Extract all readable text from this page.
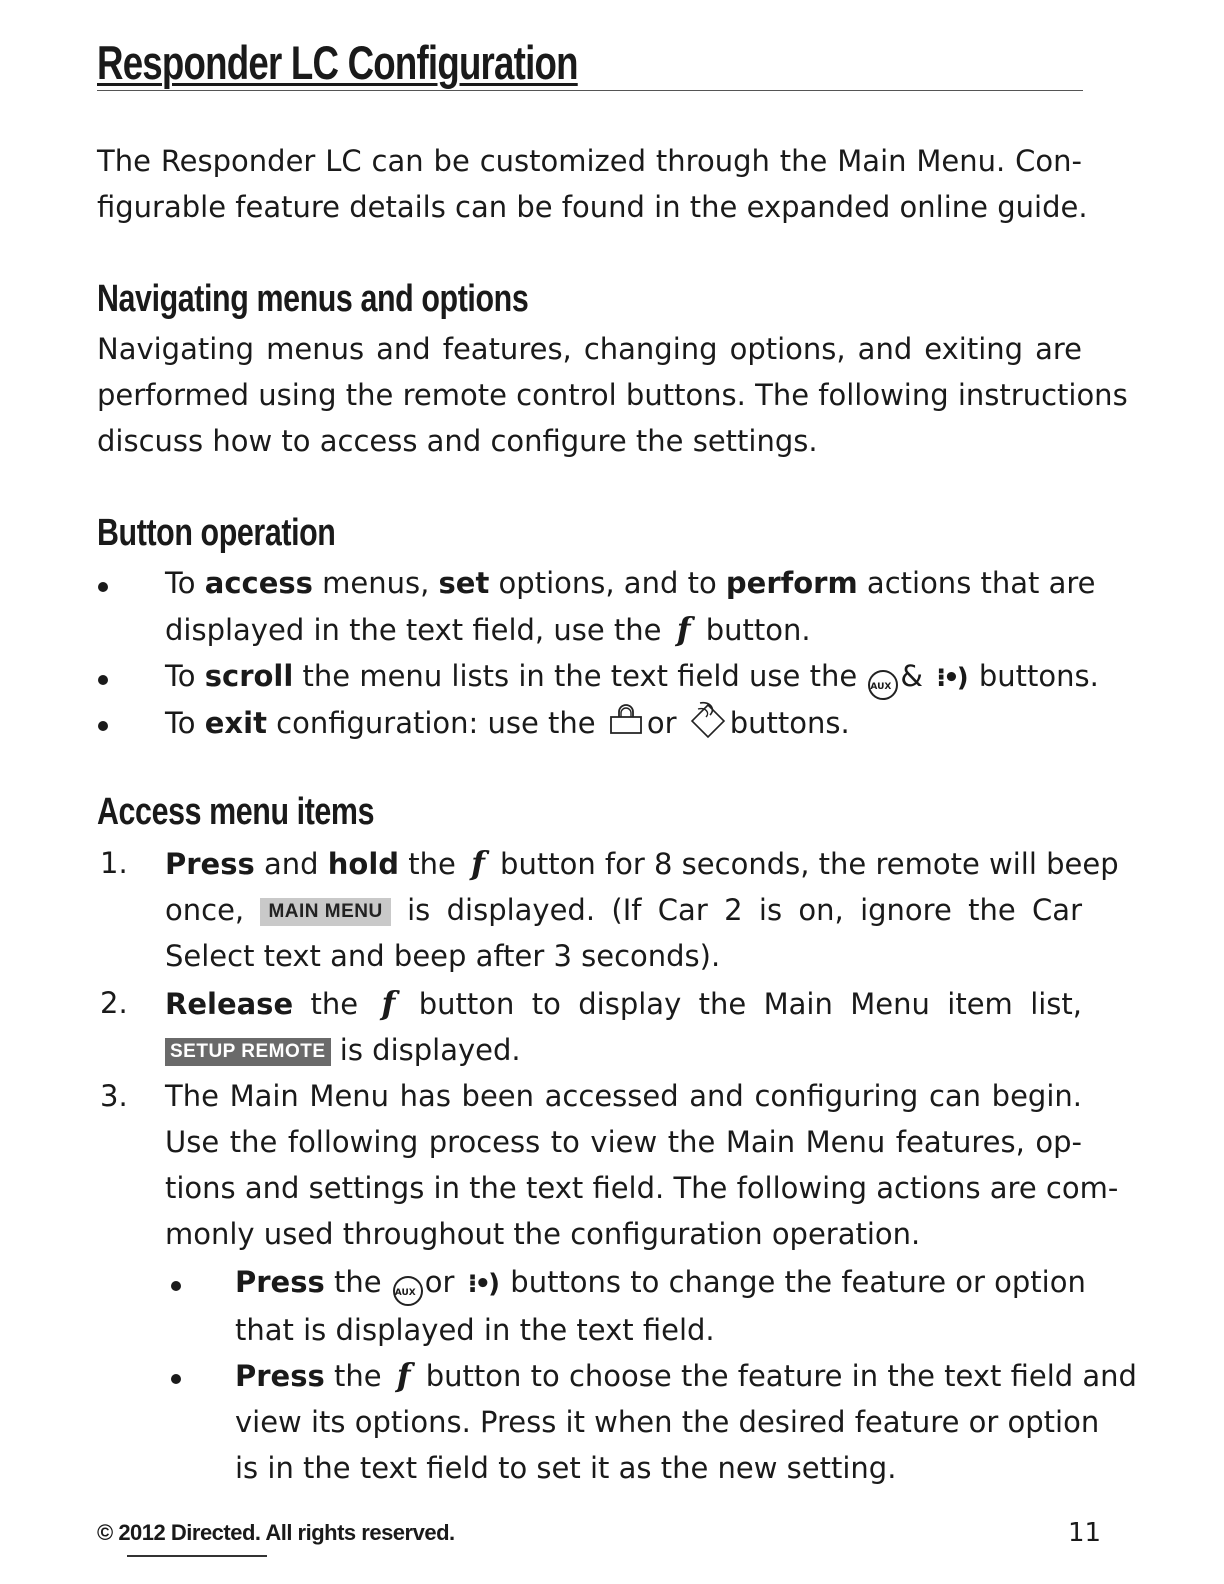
Responder LC Configuration
The Responder LC can be customized through the Main Menu. Con-
figurable feature details can be found in the expanded online guide.
Navigating menus and options
Navigating menus and features, changing options, and exiting are
performed using the remote control buttons. The following instructions
discuss how to access and configure the settings.
Button operation
To access menus, set options, and to perform actions that are
displayed in the text field, use the f button.
To scroll the menu lists in the text field use the AUX & ⁝•) buttons.
To exit configuration: use the or buttons.
Access menu items
1. Press and hold the f button for 8 seconds, the remote will beep
once, MAIN MENU is displayed. (If Car 2 is on, ignore the Car
Select text and beep after 3 seconds).
2. Release the f button to display the Main Menu item list,
SETUP REMOTE is displayed.
3. The Main Menu has been accessed and configuring can begin.
Use the following process to view the Main Menu features, op-
tions and settings in the text field. The following actions are com-
monly used throughout the configuration operation.
Press the AUX or ⁝•) buttons to change the feature or option
that is displayed in the text field.
Press the f button to choose the feature in the text field and
view its options. Press it when the desired feature or option
is in the text field to set it as the new setting.
© 2012 Directed. All rights reserved.	11
